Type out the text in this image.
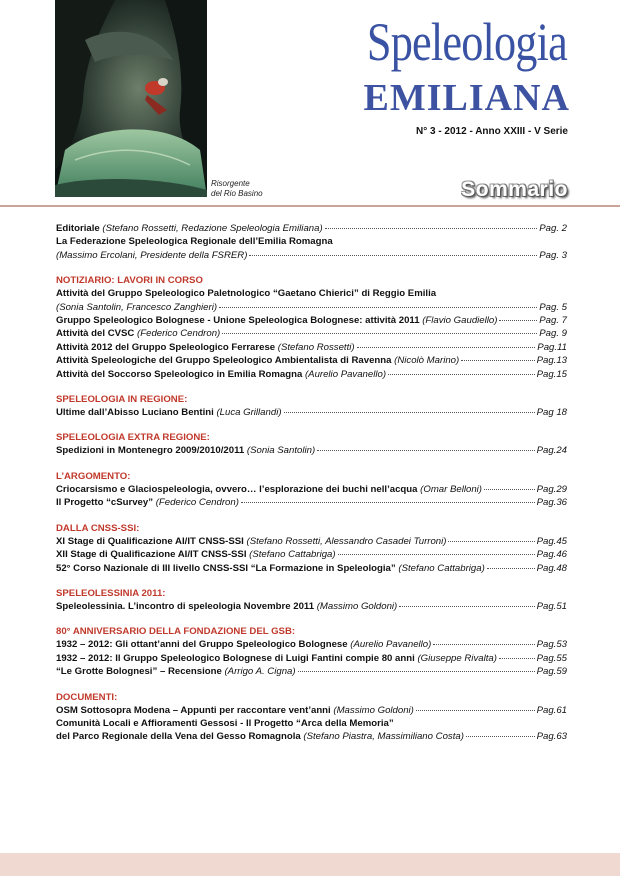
Risorgente
del Rio Basino
Speleologia
EMILIANA
N° 3 - 2012 - Anno XXIII - V Serie
Sommario
Editoriale (Stefano Rossetti, Redazione Speleologia Emiliana)	Pag. 2
La Federazione Speleologica Regionale dell’Emilia Romagna
(Massimo Ercolani, Presidente della FSRER)	Pag. 3
NOTIZIARIO: LAVORI IN CORSO
Attività del Gruppo Speleologico Paletnologico “Gaetano Chierici” di Reggio Emilia
(Sonia Santolin, Francesco Zanghieri)	Pag. 5
Gruppo Speleologico Bolognese - Unione Speleologica Bolognese: attività 2011 (Flavio Gaudiello)	Pag. 7
Attività del CVSC (Federico Cendron)	Pag. 9
Attività 2012 del Gruppo Speleologico Ferrarese (Stefano Rossetti)	Pag.11
Attività Speleologiche del Gruppo Speleologico Ambientalista di Ravenna (Nicolò Marino)	Pag.13
Attività del Soccorso Speleologico in Emilia Romagna (Aurelio Pavanello)	Pag.15
SPELEOLOGIA IN REGIONE:
Ultime dall’Abisso Luciano Bentini (Luca Grillandi)	Pag 18
SPELEOLOGIA EXTRA REGIONE:
Spedizioni in Montenegro 2009/2010/2011 (Sonia Santolin)	Pag.24
L’ARGOMENTO:
Criocarsismo e Glaciospeleologia, ovvero… l’esplorazione dei buchi nell’acqua (Omar Belloni)	Pag.29
Il Progetto “cSurvey” (Federico Cendron)	Pag.36
DALLA CNSS-SSI:
XI Stage di Qualificazione AI/IT CNSS-SSI (Stefano Rossetti, Alessandro Casadei Turroni)	Pag.45
XII Stage di Qualificazione AI/IT CNSS-SSI (Stefano Cattabriga)	Pag.46
52° Corso Nazionale di III livello CNSS-SSI “La Formazione in Speleologia” (Stefano Cattabriga)	Pag.48
SPELEOLESSINIA 2011:
Speleolessinia. L’incontro di speleologia Novembre 2011 (Massimo Goldoni)	Pag.51
80° ANNIVERSARIO DELLA FONDAZIONE DEL GSB:
1932 – 2012: Gli ottant’anni del Gruppo Speleologico Bolognese (Aurelio Pavanello)	Pag.53
1932 – 2012: Il Gruppo Speleologico Bolognese di Luigi Fantini compie 80 anni (Giuseppe Rivalta)	Pag.55
“Le Grotte Bolognesi” – Recensione (Arrigo A. Cigna)	Pag.59
DOCUMENTI:
OSM Sottosopra Modena – Appunti per raccontare vent’anni (Massimo Goldoni)	Pag.61
Comunità Locali e Affioramenti Gessosi - Il Progetto “Arca della Memoria”
del Parco Regionale della Vena del Gesso Romagnola (Stefano Piastra, Massimiliano Costa)	Pag.63
